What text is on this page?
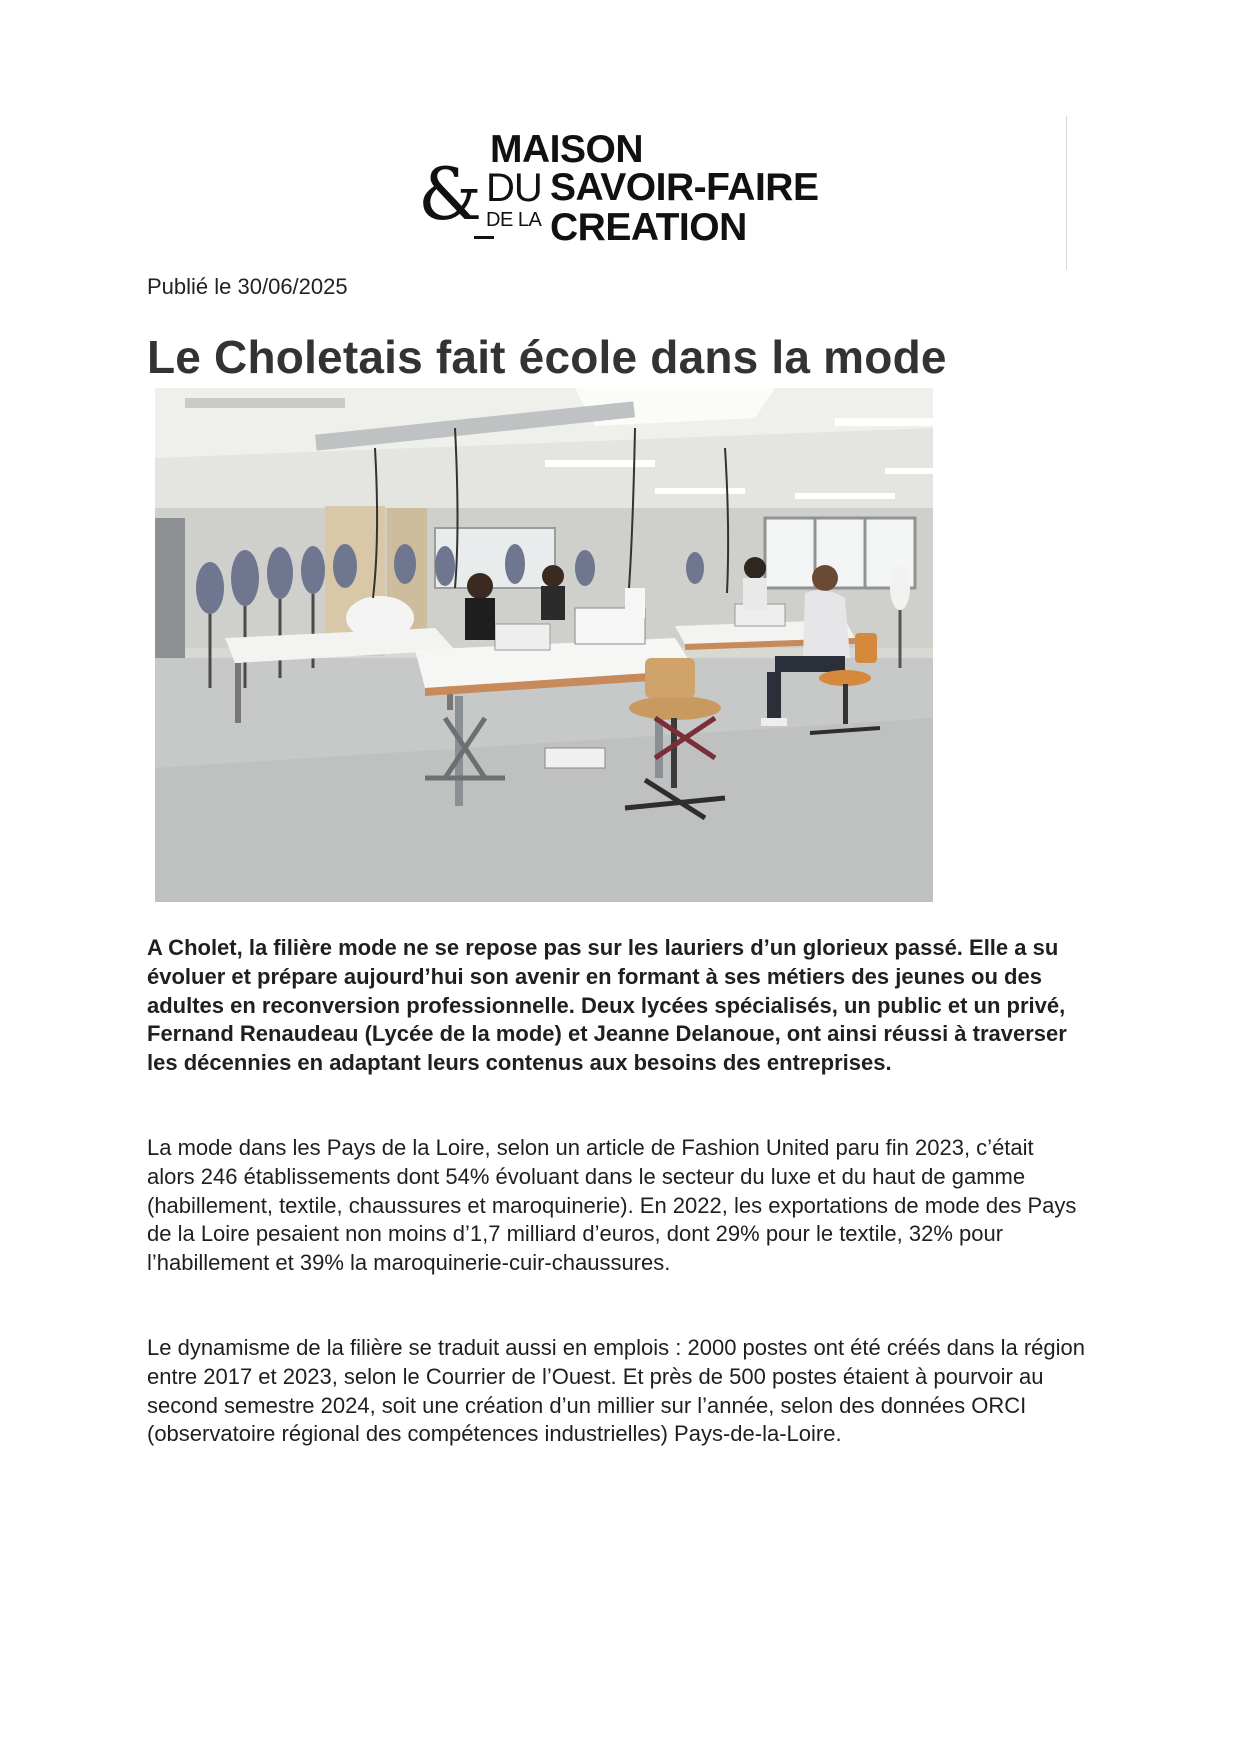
&
MAISON
DU SAVOIR-FAIRE
DE LA CREATION
Publié le 30/06/2025
Le Choletais fait école dans la mode

A Cholet, la filière mode ne se repose pas sur les lauriers d’un glorieux passé. Elle a su évoluer et prépare aujourd’hui son avenir en formant à ses métiers des jeunes ou des adultes en reconversion professionnelle. Deux lycées spécialisés, un public et un privé, Fernand Renaudeau (Lycée de la mode) et Jeanne Delanoue, ont ainsi réussi à traverser les décennies en adaptant leurs contenus aux besoins des entreprises.

La mode dans les Pays de la Loire, selon un article de Fashion United paru fin 2023, c’était alors 246 établissements dont 54% évoluant dans le secteur du luxe et du haut de gamme (habillement, textile, chaussures et maroquinerie). En 2022, les exportations de mode des Pays de la Loire pesaient non moins d’1,7 milliard d’euros, dont 29% pour le textile, 32% pour l’habillement et 39% la maroquinerie-cuir-chaussures.

Le dynamisme de la filière se traduit aussi en emplois : 2000 postes ont été créés dans la région entre 2017 et 2023, selon le Courrier de l’Ouest. Et près de 500 postes étaient à pourvoir au second semestre 2024, soit une création d’un millier sur l’année, selon des données ORCI (observatoire régional des compétences industrielles) Pays-de-la-Loire.
